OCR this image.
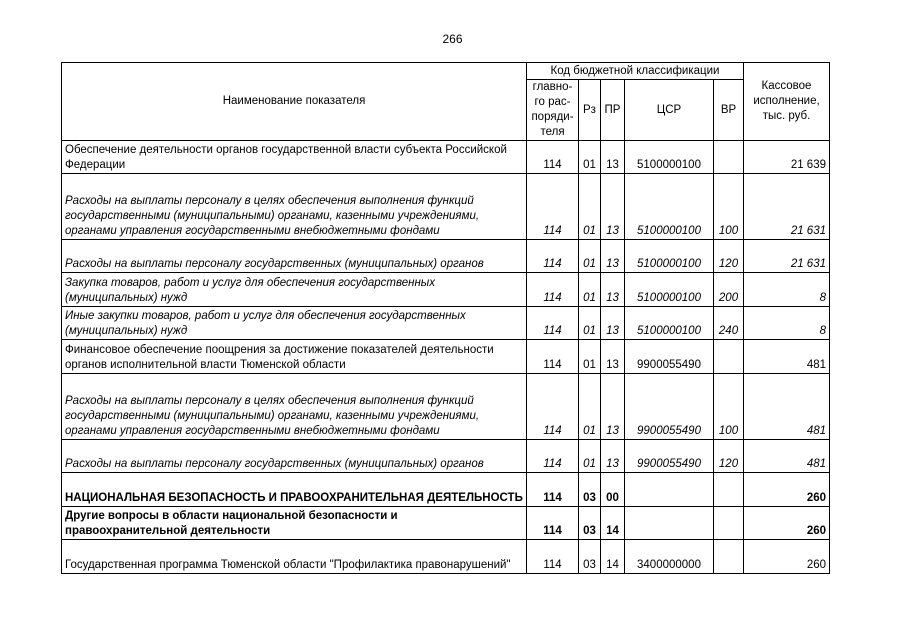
266
Наименование показателя	Код бюджетной классификации					Кассовое исполнение, тыс. руб.
	главно-го рас-поряди-теля	Рз	ПР	ЦСР	ВР	
Обеспечение деятельности органов государственной власти субъекта Российской Федерации	114	01	13	5100000100		21 639
Расходы на выплаты персоналу в целях обеспечения выполнения функций государственными (муниципальными) органами, казенными учреждениями, органами управления государственными внебюджетными фондами	114	01	13	5100000100	100	21 631
Расходы на выплаты персоналу государственных (муниципальных) органов	114	01	13	5100000100	120	21 631
Закупка товаров, работ и услуг для обеспечения государственных (муниципальных) нужд	114	01	13	5100000100	200	8
Иные закупки товаров, работ и услуг для обеспечения государственных (муниципальных) нужд	114	01	13	5100000100	240	8
Финансовое обеспечение поощрения за достижение показателей деятельности органов исполнительной власти Тюменской области	114	01	13	9900055490		481
Расходы на выплаты персоналу в целях обеспечения выполнения функций государственными (муниципальными) органами, казенными учреждениями, органами управления государственными внебюджетными фондами	114	01	13	9900055490	100	481
Расходы на выплаты персоналу государственных (муниципальных) органов	114	01	13	9900055490	120	481
НАЦИОНАЛЬНАЯ БЕЗОПАСНОСТЬ И ПРАВООХРАНИТЕЛЬНАЯ ДЕЯТЕЛЬНОСТЬ	114	03	00			260
Другие вопросы в области национальной безопасности и правоохранительной деятельности	114	03	14			260
Государственная программа Тюменской области "Профилактика правонарушений"	114	03	14	3400000000		260
